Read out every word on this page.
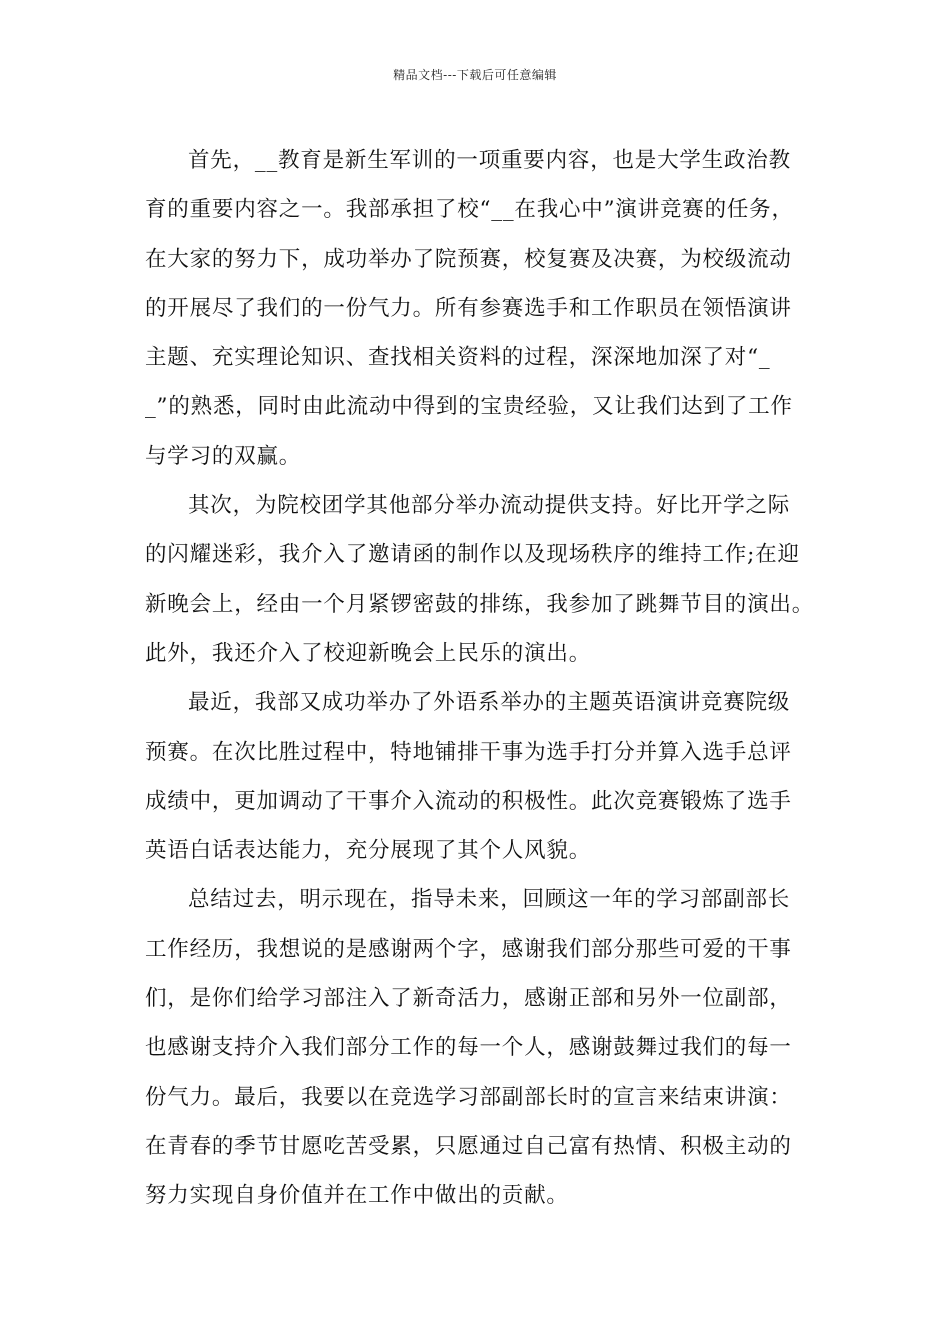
精品文档---下载后可任意编辑
首先，__教育是新生军训的一项重要内容，也是大学生政治教
育的重要内容之一。我部承担了校“__在我心中”演讲竞赛的任务，
在大家的努力下，成功举办了院预赛，校复赛及决赛，为校级流动
的开展尽了我们的一份气力。所有参赛选手和工作职员在领悟演讲
主题、充实理论知识、查找相关资料的过程，深深地加深了对“_
_”的熟悉，同时由此流动中得到的宝贵经验，又让我们达到了工作
与学习的双赢。
其次，为院校团学其他部分举办流动提供支持。好比开学之际
的闪耀迷彩，我介入了邀请函的制作以及现场秩序的维持工作;在迎
新晚会上，经由一个月紧锣密鼓的排练，我参加了跳舞节目的演出。
此外，我还介入了校迎新晚会上民乐的演出。
最近，我部又成功举办了外语系举办的主题英语演讲竞赛院级
预赛。在次比胜过程中，特地铺排干事为选手打分并算入选手总评
成绩中，更加调动了干事介入流动的积极性。此次竞赛锻炼了选手
英语白话表达能力，充分展现了其个人风貌。
总结过去，明示现在，指导未来，回顾这一年的学习部副部长
工作经历，我想说的是感谢两个字，感谢我们部分那些可爱的干事
们，是你们给学习部注入了新奇活力，感谢正部和另外一位副部，
也感谢支持介入我们部分工作的每一个人，感谢鼓舞过我们的每一
份气力。最后，我要以在竞选学习部副部长时的宣言来结束讲演：
在青春的季节甘愿吃苦受累，只愿通过自己富有热情、积极主动的
努力实现自身价值并在工作中做出的贡献。
